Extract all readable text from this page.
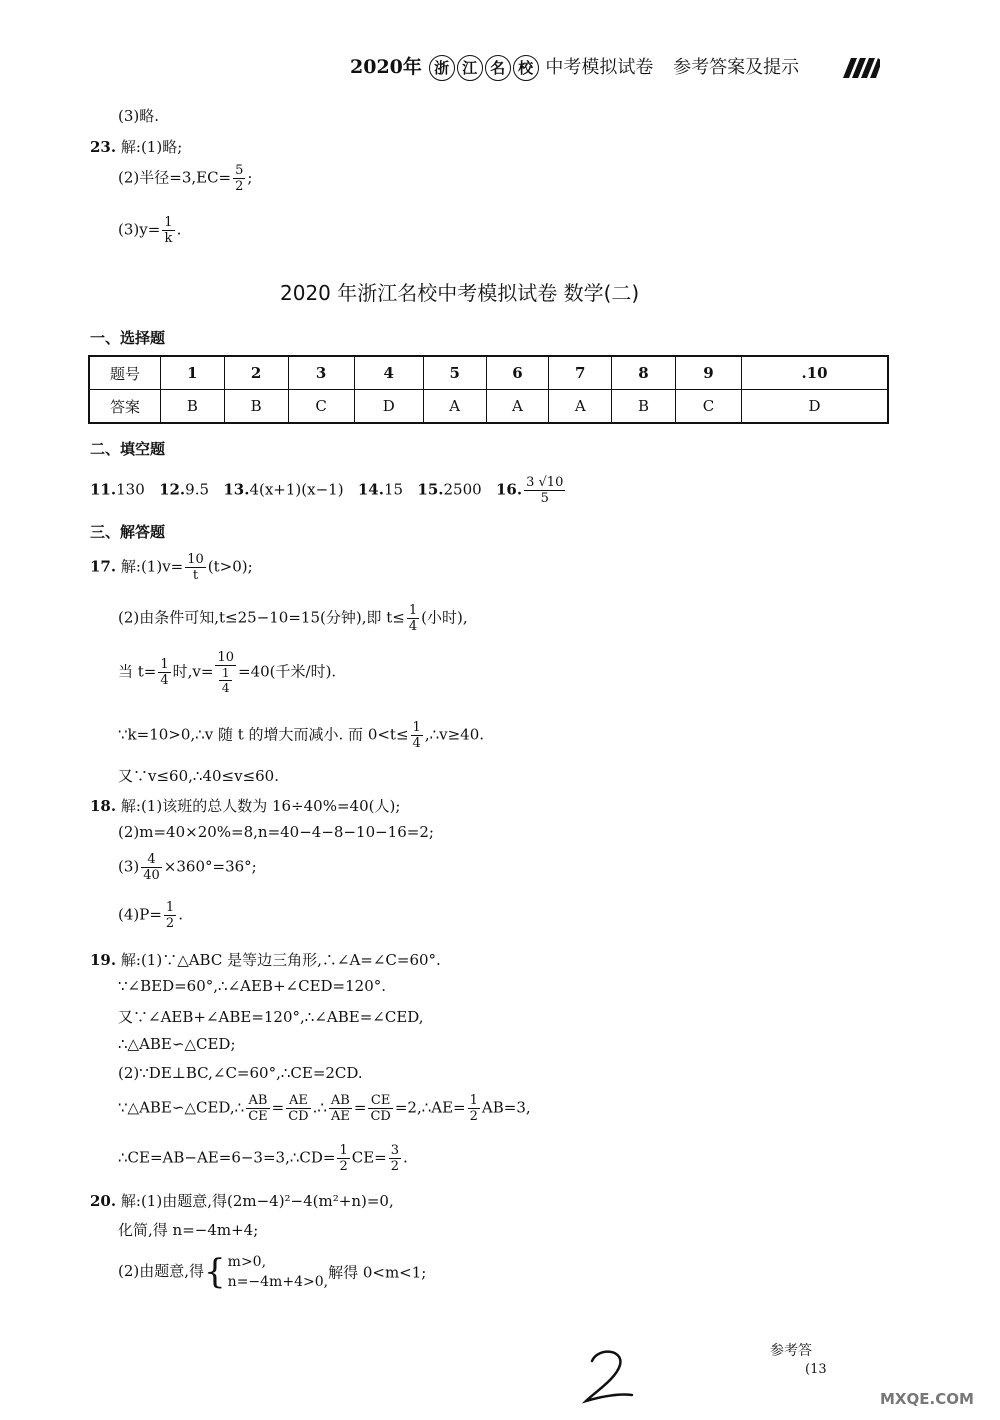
2020年 浙 江 名 校 中考模拟试卷 参考答案及提示
(3)略.
23. 解:(1)略;
(2)半径$=3,EC= \frac{5}{2}$ ;
$(3)y= \frac{1}{k}$ .
2020 年浙江名校中考模拟试卷 数学(二)
一、选择题
题号	1	2	3	4	5	6	7	8	9	.10
答案	B	B	C	D	A	A	A	B	C	D
二、填空题
11.130 12.9.5 13.4(x+1)(x−1) 14.15 15.2500 16. $\frac{3 √10}{5}$
三、解答题
17. 解:(1)v= $\frac{10}{t} (t>0)$;
(2)由条件可知,t≤25−10=15(分钟),即 $t\le \frac{1}{4}$ (小时),
当 $t= \frac{1}{4}$ 时,v= 10
1
4 =40(千米/时).
∵k=10>0,∴v 随 t 的增大而减小. 而 $0<t\le \frac{1}{4}$ ,∴v≥40.
又∵v≤60,∴40≤v≤60.
18. 解:(1)该班的总人数为 16÷40%=40(人);
(2)m=40×20%=8,n=40−4−8−10−16=2;
$(3) \frac{4}{40} \times 360^\circ=36^\circ$;
$(4)P= \frac{1}{2}$ .
19. 解:(1)∵△ABC 是等边三角形,∴∠A=∠C=60°.
∵∠BED=60°,∴∠AEB+∠CED=120°.
又∵∠AEB+∠ABE=120°,∴∠ABE=∠CED,
∴△ABE∽△CED;
(2)∵DE⊥BC,∠C=60°,∴CE=2CD.
∵△ABE∽△CED,∴ $\frac{AB}{CE} = \frac{AE}{CD}$ .∴ $\frac{AB}{AE} = \frac{CE}{CD}$ =2,∴AE= $\frac{1}{2} AB=3$,
∴CE=AB−AE=6−3=3,∴CD= $\frac{1}{2} CE= \frac{3}{2}$ .
20. 解:(1)由题意,得(2m−4)²−4(m²+n)=0,
化简,得 n=−4m+4;
(2)由题意,得{ m>0,
n=−4m+4>0,
解得 0<m<1;
参考答
(13
MXQE.COM
